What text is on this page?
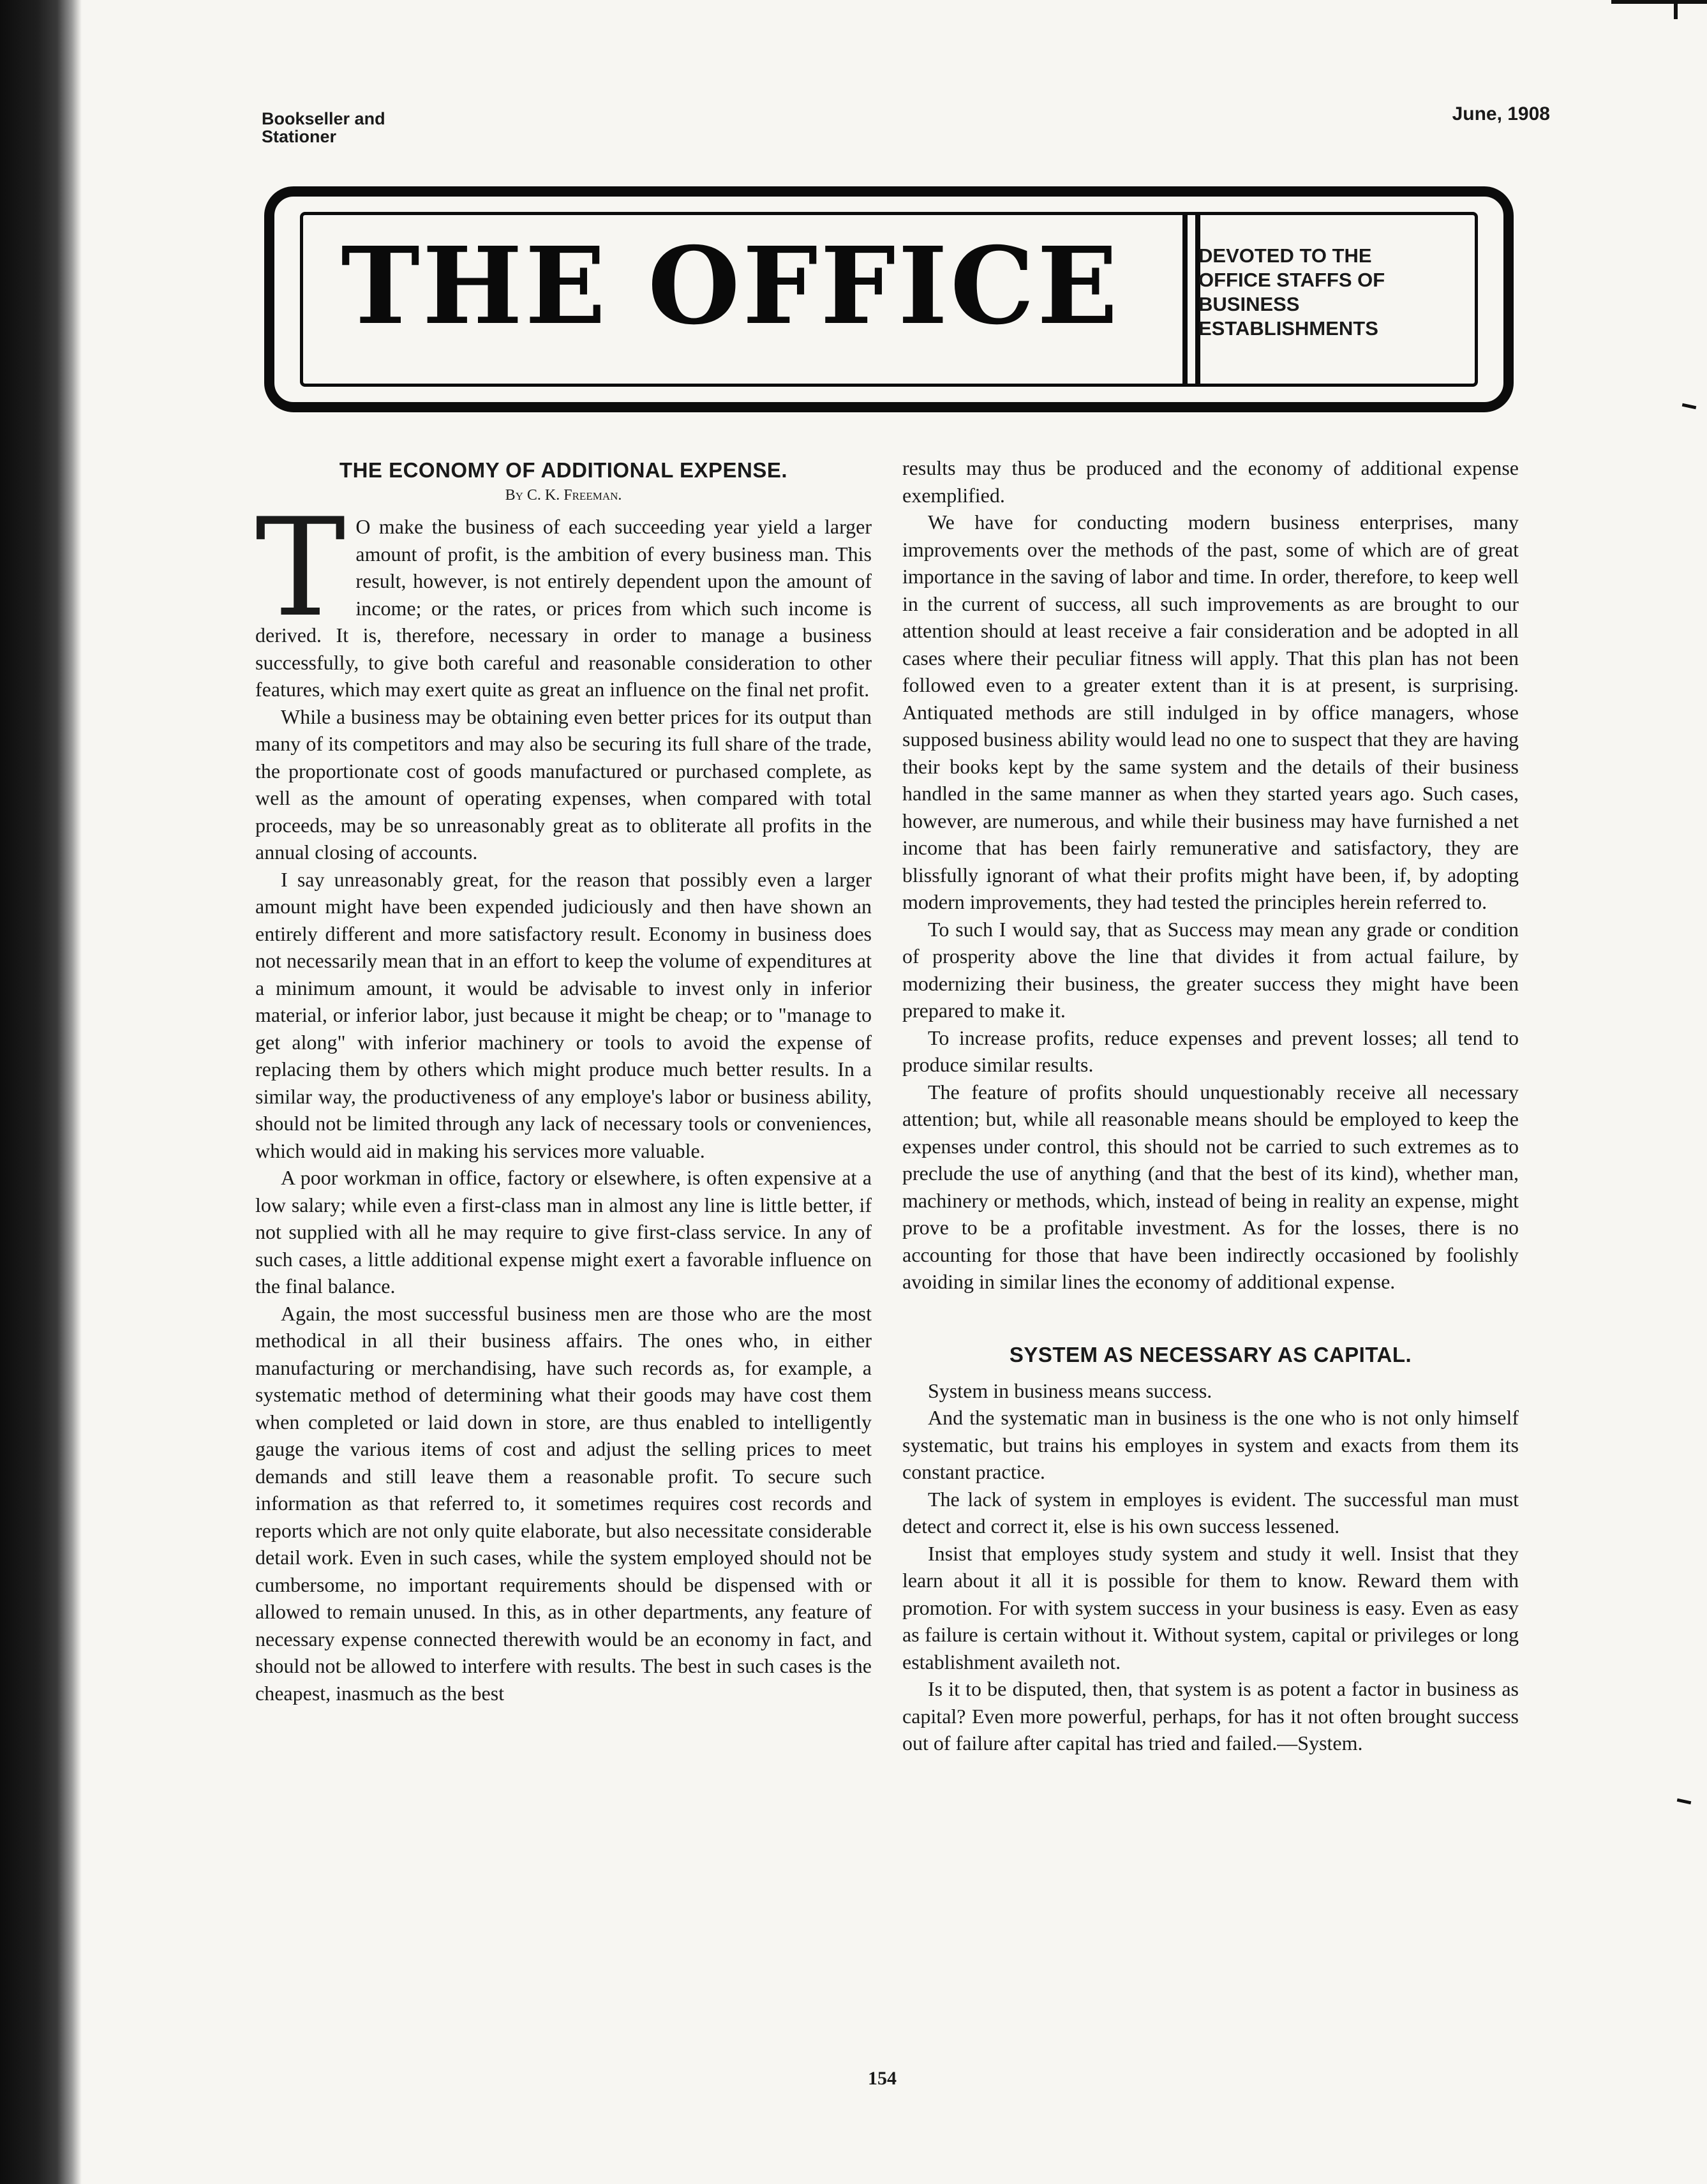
Bookseller and
Stationer
June, 1908
THE OFFICE	DEVOTED TO THE OFFICE STAFFS OF BUSINESS ESTABLISHMENTS
THE ECONOMY OF ADDITIONAL EXPENSE.
By C. K. Freeman.

T O make the business of each succeeding year yield a larger amount of profit, is the ambition of every business man. This result, however, is not entirely dependent upon the amount of income; or the rates, or prices from which such income is derived. It is, therefore, necessary in order to manage a business successfully, to give both careful and reasonable consideration to other features, which may exert quite as great an influence on the final net profit.

While a business may be obtaining even better prices for its output than many of its competitors and may also be securing its full share of the trade, the proportionate cost of goods manufactured or purchased complete, as well as the amount of operating expenses, when compared with total proceeds, may be so unreasonably great as to obliterate all profits in the annual closing of accounts.

I say unreasonably great, for the reason that possibly even a larger amount might have been expended judiciously and then have shown an entirely different and more satisfactory result. Economy in business does not necessarily mean that in an effort to keep the volume of expenditures at a minimum amount, it would be advisable to invest only in inferior material, or inferior labor, just because it might be cheap; or to "manage to get along" with inferior machinery or tools to avoid the expense of replacing them by others which might produce much better results. In a similar way, the productiveness of any employe's labor or business ability, should not be limited through any lack of necessary tools or conveniences, which would aid in making his services more valuable.

A poor workman in office, factory or elsewhere, is often expensive at a low salary; while even a first-class man in almost any line is little better, if not supplied with all he may require to give first-class service. In any of such cases, a little additional expense might exert a favorable influence on the final balance.

Again, the most successful business men are those who are the most methodical in all their business affairs. The ones who, in either manufacturing or merchandising, have such records as, for example, a systematic method of determining what their goods may have cost them when completed or laid down in store, are thus enabled to intelligently gauge the various items of cost and adjust the selling prices to meet demands and still leave them a reasonable profit. To secure such information as that referred to, it sometimes requires cost records and reports which are not only quite elaborate, but also necessitate considerable detail work. Even in such cases, while the system employed should not be cumbersome, no important requirements should be dispensed with or allowed to remain unused. In this, as in other departments, any feature of necessary expense connected therewith would be an economy in fact, and should not be allowed to interfere with results. The best in such cases is the cheapest, inasmuch as the best

results may thus be produced and the economy of additional expense exemplified.

We have for conducting modern business enterprises, many improvements over the methods of the past, some of which are of great importance in the saving of labor and time. In order, therefore, to keep well in the current of success, all such improvements as are brought to our attention should at least receive a fair consideration and be adopted in all cases where their peculiar fitness will apply. That this plan has not been followed even to a greater extent than it is at present, is surprising. Antiquated methods are still indulged in by office managers, whose supposed business ability would lead no one to suspect that they are having their books kept by the same system and the details of their business handled in the same manner as when they started years ago. Such cases, however, are numerous, and while their business may have furnished a net income that has been fairly remunerative and satisfactory, they are blissfully ignorant of what their profits might have been, if, by adopting modern improvements, they had tested the principles herein referred to.

To such I would say, that as Success may mean any grade or condition of prosperity above the line that divides it from actual failure, by modernizing their business, the greater success they might have been prepared to make it.

To increase profits, reduce expenses and prevent losses; all tend to produce similar results.

The feature of profits should unquestionably receive all necessary attention; but, while all reasonable means should be employed to keep the expenses under control, this should not be carried to such extremes as to preclude the use of anything (and that the best of its kind), whether man, machinery or methods, which, instead of being in reality an expense, might prove to be a profitable investment. As for the losses, there is no accounting for those that have been indirectly occasioned by foolishly avoiding in similar lines the economy of additional expense.

SYSTEM AS NECESSARY AS CAPITAL.

System in business means success.

And the systematic man in business is the one who is not only himself systematic, but trains his employes in system and exacts from them its constant practice.

The lack of system in employes is evident. The successful man must detect and correct it, else is his own success lessened.

Insist that employes study system and study it well. Insist that they learn about it all it is possible for them to know. Reward them with promotion. For with system success in your business is easy. Even as easy as failure is certain without it. Without system, capital or privileges or long establishment availeth not.

Is it to be disputed, then, that system is as potent a factor in business as capital? Even more powerful, perhaps, for has it not often brought success out of failure after capital has tried and failed.—System.

154
